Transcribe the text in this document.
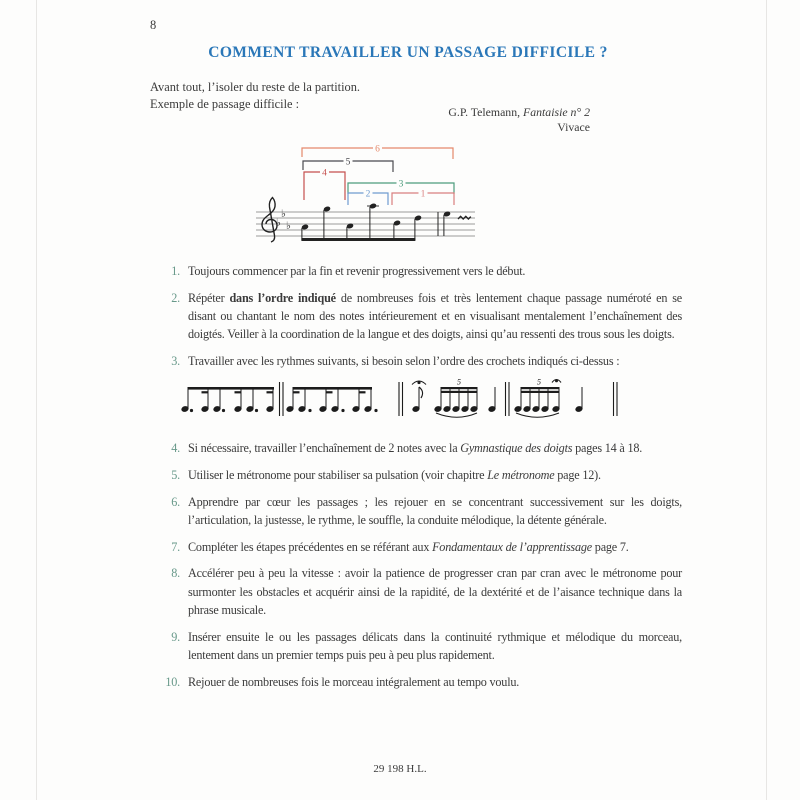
8
COMMENT TRAVAILLER UN PASSAGE DIFFICILE ?
Avant tout, l’isoler du reste de la partition.
Exemple de passage difficile :
G.P. Telemann, Fantaisie n° 2
Vivace
♭
♭
♭
6
5
4
3
2	1
1. Toujours commencer par la fin et revenir progressivement vers le début.
2. Répéter dans l’ordre indiqué de nombreuses fois et très lentement chaque passage numéroté en se disant ou chantant le nom des notes intérieurement et en visualisant mentalement l’enchaînement des doigtés. Veiller à la coordination de la langue et des doigts, ainsi qu’au ressenti des trous sous les doigts.
3. Travailler avec les rythmes suivants, si besoin selon l’ordre des crochets indiqués ci-dessus :
5	5
4. Si nécessaire, travailler l’enchaînement de 2 notes avec la Gymnastique des doigts pages 14 à 18.
5. Utiliser le métronome pour stabiliser sa pulsation (voir chapitre Le métronome page 12).
6. Apprendre par cœur les passages ; les rejouer en se concentrant successivement sur les doigts, l’articulation, la justesse, le rythme, le souffle, la conduite mélodique, la détente générale.
7. Compléter les étapes précédentes en se référant aux Fondamentaux de l’apprentissage page 7.
8. Accélérer peu à peu la vitesse : avoir la patience de progresser cran par cran avec le métronome pour surmonter les obstacles et acquérir ainsi de la rapidité, de la dextérité et de l’aisance technique dans la phrase musicale.
9. Insérer ensuite le ou les passages délicats dans la continuité rythmique et mélodique du morceau, lentement dans un premier temps puis peu à peu plus rapidement.
10. Rejouer de nombreuses fois le morceau intégralement au tempo voulu.
29 198 H.L.
